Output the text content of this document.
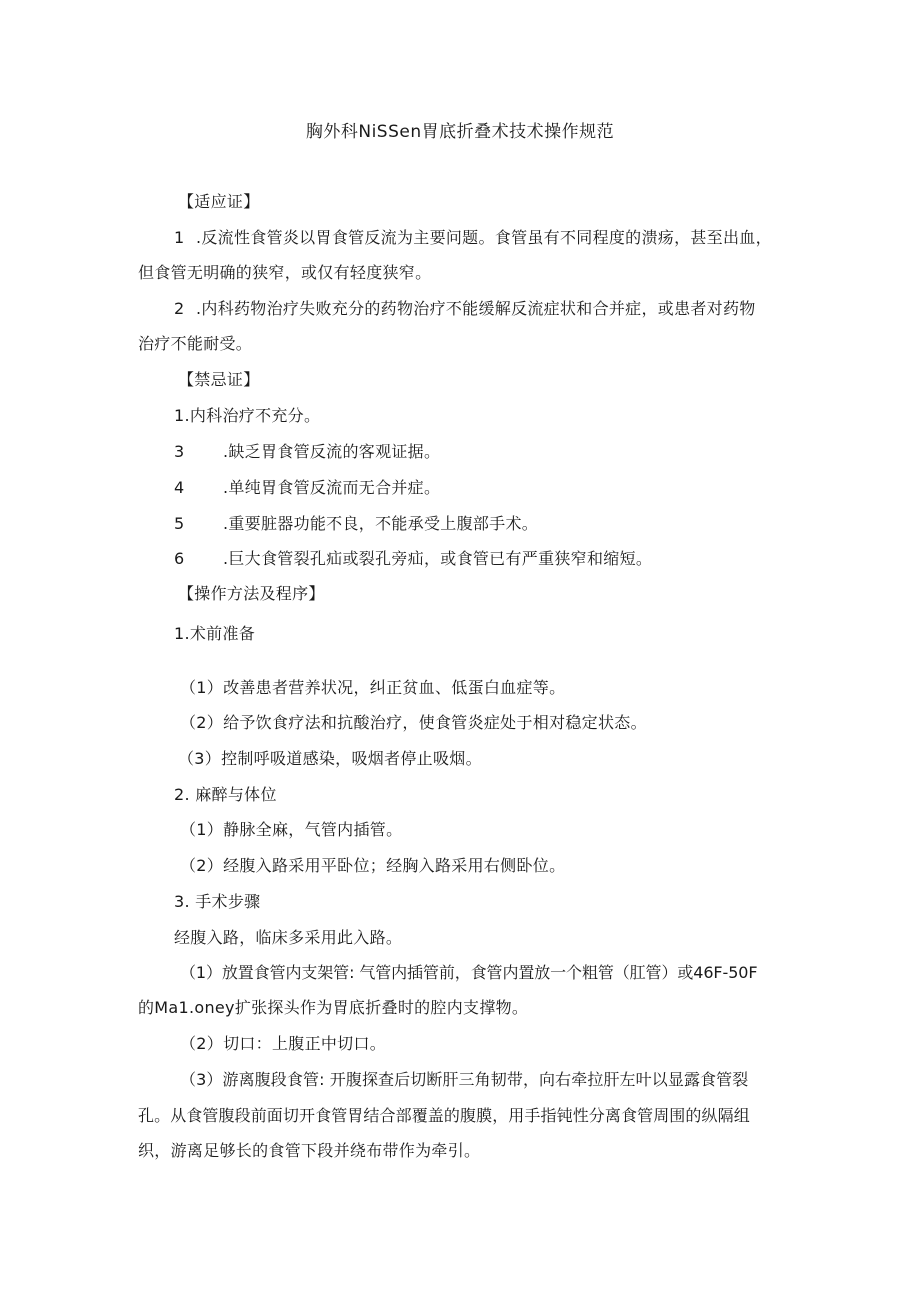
胸外科NiSSen胃底折叠术技术操作规范
【适应证】
1 .反流性食管炎以胃食管反流为主要问题。食管虽有不同程度的溃疡，甚至出血，
但食管无明确的狭窄，或仅有轻度狭窄。
2 .内科药物治疗失败充分的药物治疗不能缓解反流症状和合并症，或患者对药物
治疗不能耐受。
【禁忌证】
1.内科治疗不充分。
3 .缺乏胃食管反流的客观证据。
4 .单纯胃食管反流而无合并症。
5 .重要脏器功能不良，不能承受上腹部手术。
6 .巨大食管裂孔疝或裂孔旁疝，或食管已有严重狭窄和缩短。
【操作方法及程序】
1.术前准备
（1）改善患者营养状况，纠正贫血、低蛋白血症等。
（2）给予饮食疗法和抗酸治疗，使食管炎症处于相对稳定状态。
（3）控制呼吸道感染，吸烟者停止吸烟。
2. 麻醉与体位
（1）静脉全麻，气管内插管。
（2）经腹入路采用平卧位；经胸入路采用右侧卧位。
3. 手术步骤
经腹入路，临床多采用此入路。
（1）放置食管内支架管: 气管内插管前，食管内置放一个粗管（肛管）或46F-50F
的Ma1.oney扩张探头作为胃底折叠时的腔内支撑物。
（2）切口：上腹正中切口。
（3）游离腹段食管: 开腹探查后切断肝三角韧带，向右牵拉肝左叶以显露食管裂
孔。从食管腹段前面切开食管胃结合部覆盖的腹膜，用手指钝性分离食管周围的纵隔组
织，游离足够长的食管下段并绕布带作为牵引。
